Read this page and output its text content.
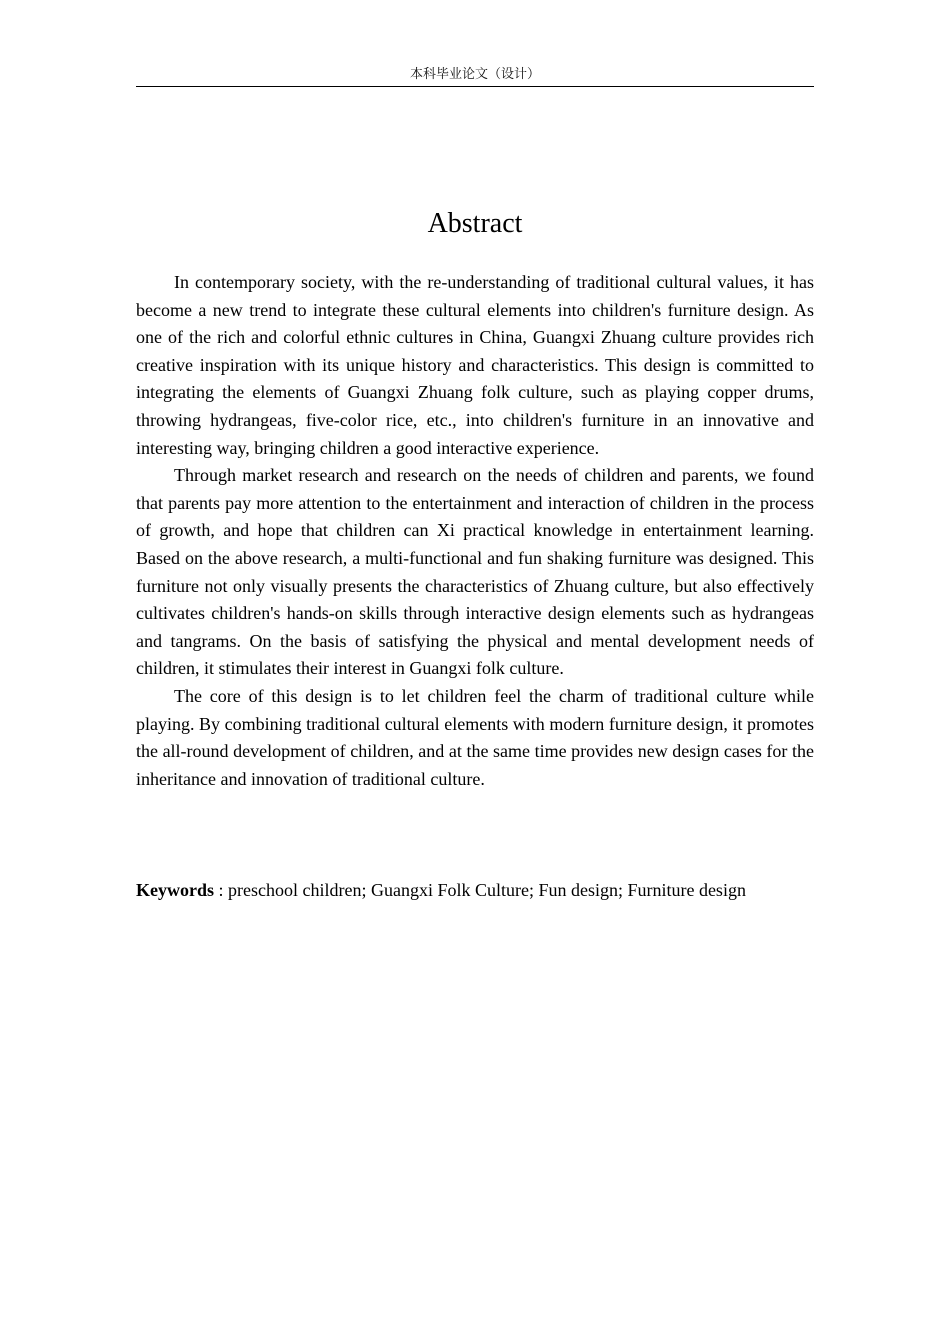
本科毕业论文（设计）
Abstract

In contemporary society, with the re-understanding of traditional cultural values, it has become a new trend to integrate these cultural elements into children's furniture design. As one of the rich and colorful ethnic cultures in China, Guangxi Zhuang culture provides rich creative inspiration with its unique history and characteristics. This design is committed to integrating the elements of Guangxi Zhuang folk culture, such as playing copper drums, throwing hydrangeas, five-color rice, etc., into children's furniture in an innovative and interesting way, bringing children a good interactive experience.

Through market research and research on the needs of children and parents, we found that parents pay more attention to the entertainment and interaction of children in the process of growth, and hope that children can Xi practical knowledge in entertainment learning. Based on the above research, a multi-functional and fun shaking furniture was designed. This furniture not only visually presents the characteristics of Zhuang culture, but also effectively cultivates children's hands-on skills through interactive design elements such as hydrangeas and tangrams. On the basis of satisfying the physical and mental development needs of children, it stimulates their interest in Guangxi folk culture.

The core of this design is to let children feel the charm of traditional culture while playing. By combining traditional cultural elements with modern furniture design, it promotes the all-round development of children, and at the same time provides new design cases for the inheritance and innovation of traditional culture.

Keywords : preschool children; Guangxi Folk Culture; Fun design; Furniture design
